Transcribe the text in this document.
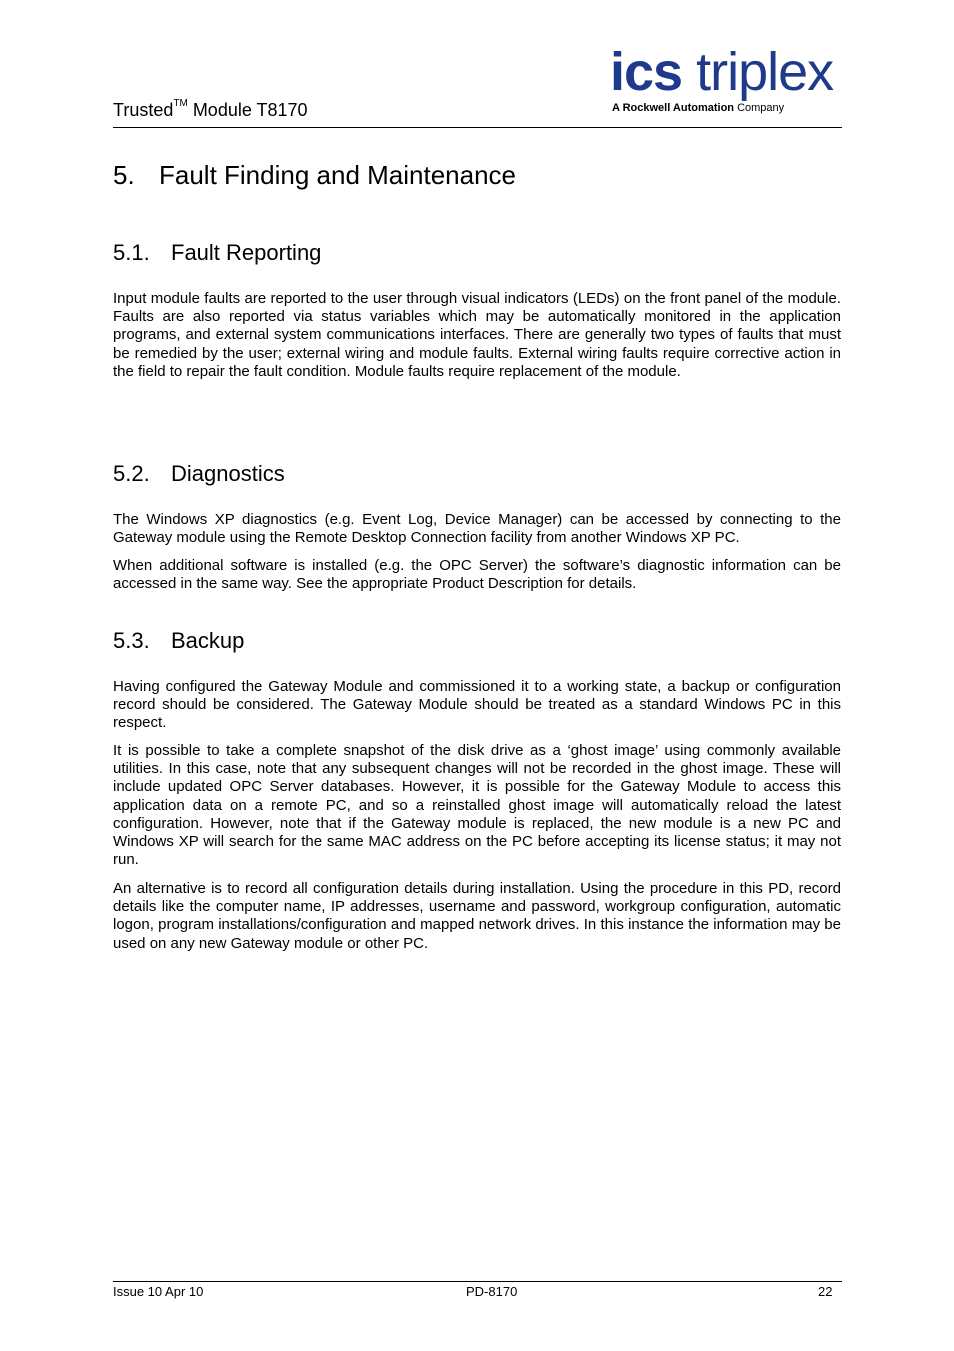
Trusted™ Module T8170
ics triplex
A Rockwell Automation Company
5. Fault Finding and Maintenance
5.1. Fault Reporting

Input module faults are reported to the user through visual indicators (LEDs) on the front panel of the module. Faults are also reported via status variables which may be automatically monitored in the application programs, and external system communications interfaces. There are generally two types of faults that must be remedied by the user; external wiring and module faults. External wiring faults require corrective action in the field to repair the fault condition. Module faults require replacement of the module.

5.2. Diagnostics

The Windows XP diagnostics (e.g. Event Log, Device Manager) can be accessed by connecting to the Gateway module using the Remote Desktop Connection facility from another Windows XP PC.

When additional software is installed (e.g. the OPC Server) the software’s diagnostic information can be accessed in the same way. See the appropriate Product Description for details.

5.3. Backup

Having configured the Gateway Module and commissioned it to a working state, a backup or configuration record should be considered. The Gateway Module should be treated as a standard Windows PC in this respect.

It is possible to take a complete snapshot of the disk drive as a ‘ghost image’ using commonly available utilities. In this case, note that any subsequent changes will not be recorded in the ghost image. These will include updated OPC Server databases. However, it is possible for the Gateway Module to access this application data on a remote PC, and so a reinstalled ghost image will automatically reload the latest configuration. However, note that if the Gateway module is replaced, the new module is a new PC and Windows XP will search for the same MAC address on the PC before accepting its license status; it may not run.

An alternative is to record all configuration details during installation. Using the procedure in this PD, record details like the computer name, IP addresses, username and password, workgroup configuration, automatic logon, program installations/configuration and mapped network drives. In this instance the information may be used on any new Gateway module or other PC.

Issue 10 Apr 10	PD-8170	22
